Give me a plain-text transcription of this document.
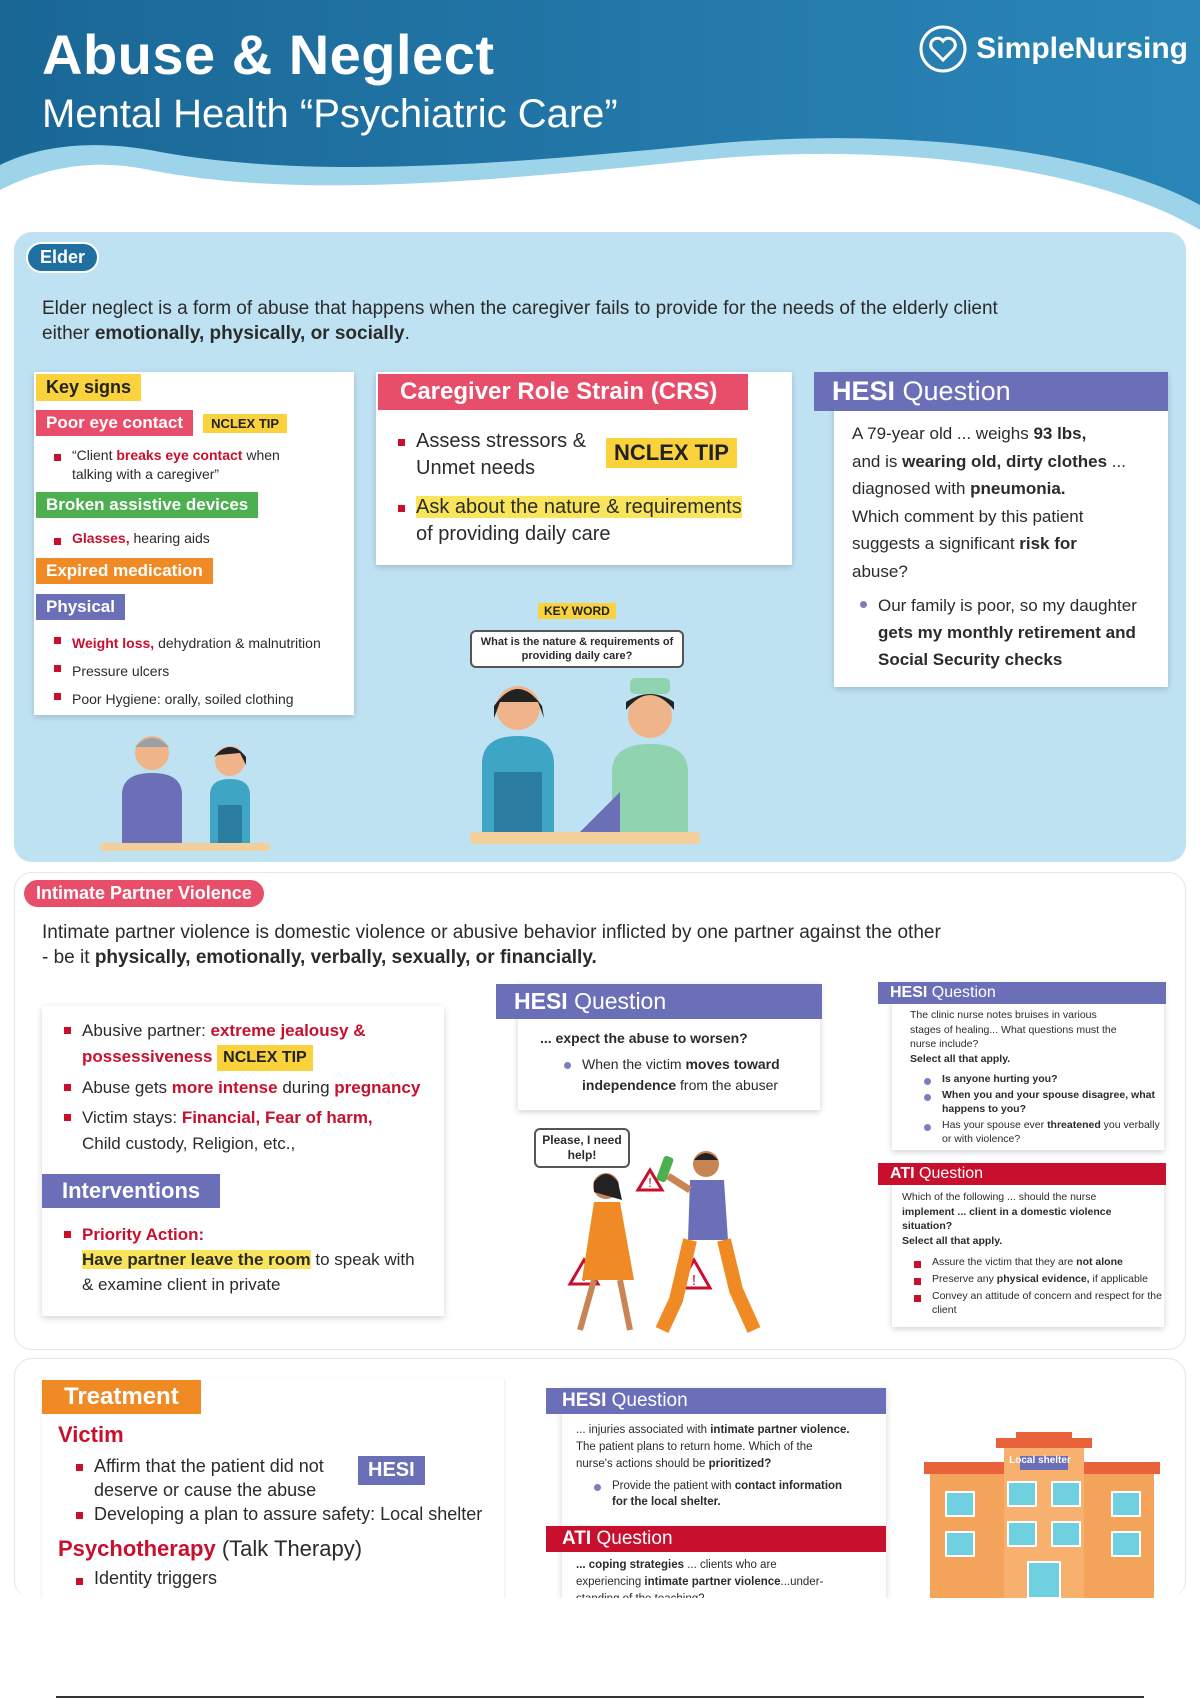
Abuse & Neglect
Mental Health “Psychiatric Care”
SimpleNursing
Elder
Elder neglect is a form of abuse that happens when the caregiver fails to provide for the needs of the elderly client
either emotionally, physically, or socially.
Key signs
Poor eye contact NCLEX TIP
“Client breaks eye contact when
talking with a caregiver”
Broken assistive devices
Glasses, hearing aids
Expired medication
Physical
Weight loss, dehydration & malnutrition
Pressure ulcers
Poor Hygiene: orally, soiled clothing
Caregiver Role Strain (CRS)
Assess stressors &
Unmet needs
Ask about the nature & requirements
of providing daily care
NCLEX TIP
KEY WORD
What is the nature & requirements of providing daily care?
HESI Question
A 79-year old ... weighs 93 lbs,
and is wearing old, dirty clothes ...
diagnosed with pneumonia.
Which comment by this patient
suggests a significant risk for
abuse?
Our family is poor, so my daughter
gets my monthly retirement and
Social Security checks
Intimate Partner Violence
Intimate partner violence is domestic violence or abusive behavior inflicted by one partner against the other
- be it physically, emotionally, verbally, sexually, or financially.
Abusive partner: extreme jealousy &
possessiveness NCLEX TIP
Abuse gets more intense during pregnancy
Victim stays: Financial, Fear of harm,
Child custody, Religion, etc.,
Interventions
Priority Action:
Have partner leave the room to speak with
& examine client in private
HESI Question
... expect the abuse to worsen?
When the victim moves toward
independence from the abuser
Please, I need help!
!
!
HESI Question
The clinic nurse notes bruises in various
stages of healing... What questions must the
nurse include?
Select all that apply.
Is anyone hurting you?
When you and your spouse disagree, what happens to you?
Has your spouse ever threatened you verbally or with violence?
ATI Question
Which of the following ... should the nurse
implement ... client in a domestic violence
situation?
Select all that apply.
Assure the victim that they are not alone
Preserve any physical evidence, if applicable
Convey an attitude of concern and respect for the client
Treatment
Victim
Affirm that the patient did not
deserve or cause the abuse
Developing a plan to assure safety: Local shelter
HESI
Psychotherapy (Talk Therapy)
Identity triggers
HESI Question
... injuries associated with intimate partner violence.
The patient plans to return home. Which of the
nurse's actions should be prioritized?
Provide the patient with contact information
for the local shelter.
ATI Question
... coping strategies ... clients who are
experiencing intimate partner violence...under-
Local shelter
